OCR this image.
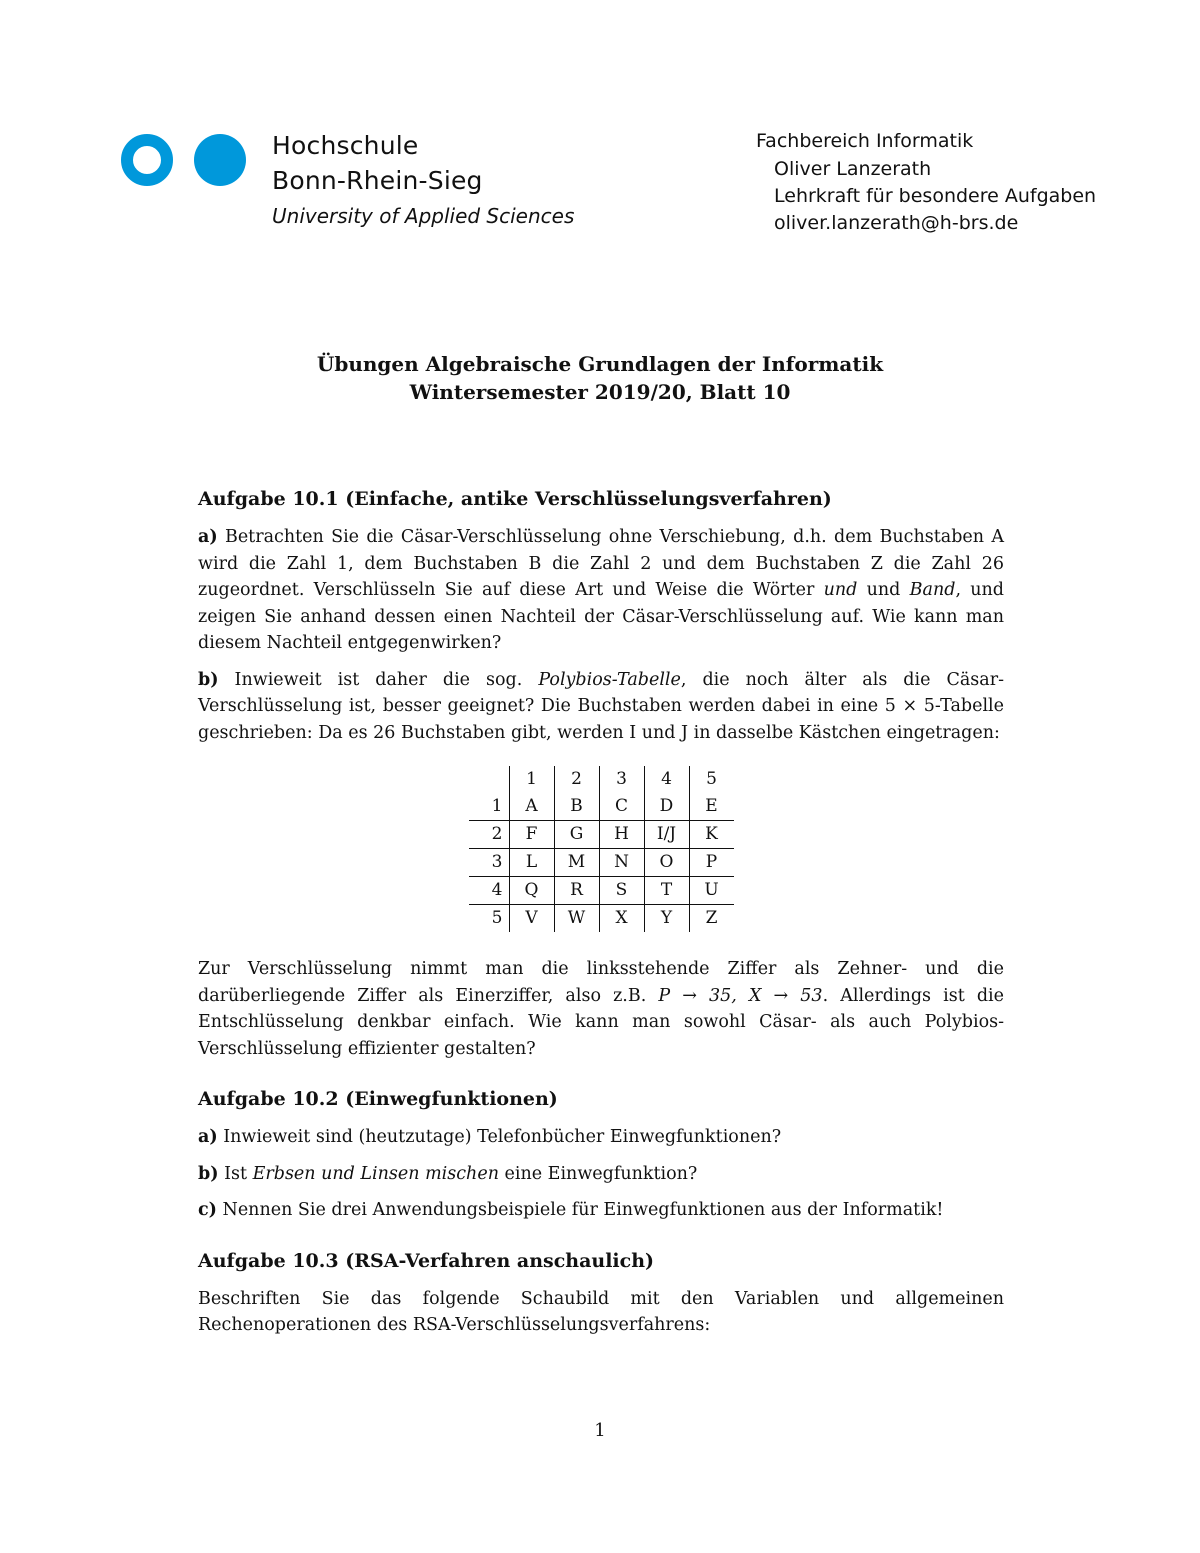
Hochschule
Bonn-Rhein-Sieg
University of Applied Sciences
Fachbereich Informatik
Oliver Lanzerath
Lehrkraft für besondere Aufgaben
oliver.lanzerath@h-brs.de
Übungen Algebraische Grundlagen der Informatik
Wintersemester 2019/20, Blatt 10
Aufgabe 10.1 (Einfache, antike Verschlüsselungsverfahren)

a) Betrachten Sie die Cäsar-Verschlüsselung ohne Verschiebung, d.h. dem Buchstaben A wird die Zahl 1, dem Buchstaben B die Zahl 2 und dem Buchstaben Z die Zahl 26 zugeordnet. Verschlüsseln Sie auf diese Art und Weise die Wörter und und Band, und zeigen Sie anhand dessen einen Nachteil der Cäsar-Verschlüsselung auf. Wie kann man diesem Nachteil entgegenwirken?

b) Inwieweit ist daher die sog. Polybios-Tabelle, die noch älter als die Cäsar-Verschlüsselung ist, besser geeignet? Die Buchstaben werden dabei in eine 5 × 5-Tabelle geschrieben: Da es 26 Buchstaben gibt, werden I und J in dasselbe Kästchen eingetragen:

	1	2	3	4	5
1	A	B	C	D	E
2	F	G	H	I/J	K
3	L	M	N	O	P
4	Q	R	S	T	U
5	V	W	X	Y	Z

Zur Verschlüsselung nimmt man die linksstehende Ziffer als Zehner- und die darüberliegende Ziffer als Einerziffer, also z.B. P → 35, X → 53. Allerdings ist die Entschlüsselung denkbar einfach. Wie kann man sowohl Cäsar- als auch Polybios-Verschlüsselung effizienter gestalten?

Aufgabe 10.2 (Einwegfunktionen)

a) Inwieweit sind (heutzutage) Telefonbücher Einwegfunktionen?

b) Ist Erbsen und Linsen mischen eine Einwegfunktion?

c) Nennen Sie drei Anwendungsbeispiele für Einwegfunktionen aus der Informatik!

Aufgabe 10.3 (RSA-Verfahren anschaulich)

Beschriften Sie das folgende Schaubild mit den Variablen und allgemeinen Rechenoperationen des RSA-Verschlüsselungsverfahrens:

1
